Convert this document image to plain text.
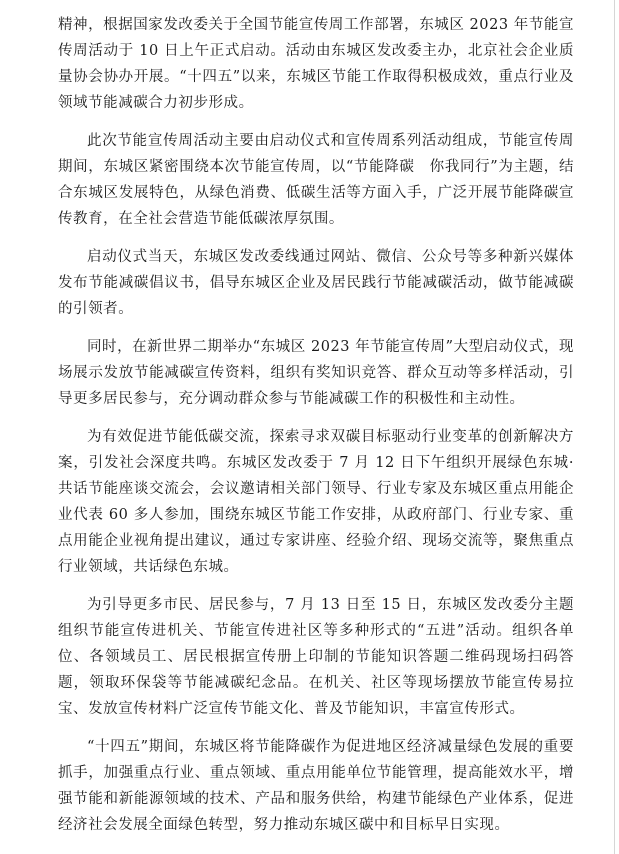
精神，根据国家发改委关于全国节能宣传周工作部署，东城区 2023 年节能宣传周活动于 10 日上午正式启动。活动由东城区发改委主办，北京社会企业质量协会协办开展。“十四五”以来，东城区节能工作取得积极成效，重点行业及领域节能减碳合力初步形成。

此次节能宣传周活动主要由启动仪式和宣传周系列活动组成，节能宣传周期间，东城区紧密围绕本次节能宣传周，以“节能降碳　你我同行”为主题，结合东城区发展特色，从绿色消费、低碳生活等方面入手，广泛开展节能降碳宣传教育，在全社会营造节能低碳浓厚氛围。

启动仪式当天，东城区发改委线通过网站、微信、公众号等多种新兴媒体发布节能减碳倡议书，倡导东城区企业及居民践行节能减碳活动，做节能减碳的引领者。

同时，在新世界二期举办“东城区 2023 年节能宣传周”大型启动仪式，现场展示发放节能减碳宣传资料，组织有奖知识竞答、群众互动等多样活动，引导更多居民参与，充分调动群众参与节能减碳工作的积极性和主动性。

为有效促进节能低碳交流，探索寻求双碳目标驱动行业变革的创新解决方案，引发社会深度共鸣。东城区发改委于 7 月 12 日下午组织开展绿色东城·共话节能座谈交流会，会议邀请相关部门领导、行业专家及东城区重点用能企业代表 60 多人参加，围绕东城区节能工作安排，从政府部门、行业专家、重点用能企业视角提出建议，通过专家讲座、经验介绍、现场交流等，聚焦重点行业领域，共话绿色东城。

为引导更多市民、居民参与，7 月 13 日至 15 日，东城区发改委分主题组织节能宣传进机关、节能宣传进社区等多种形式的“五进”活动。组织各单位、各领域员工、居民根据宣传册上印制的节能知识答题二维码现场扫码答题，领取环保袋等节能减碳纪念品。在机关、社区等现场摆放节能宣传易拉宝、发放宣传材料广泛宣传节能文化、普及节能知识，丰富宣传形式。

“十四五”期间，东城区将节能降碳作为促进地区经济减量绿色发展的重要抓手，加强重点行业、重点领域、重点用能单位节能管理，提高能效水平，增强节能和新能源领域的技术、产品和服务供给，构建节能绿色产业体系，促进经济社会发展全面绿色转型，努力推动东城区碳中和目标早日实现。
